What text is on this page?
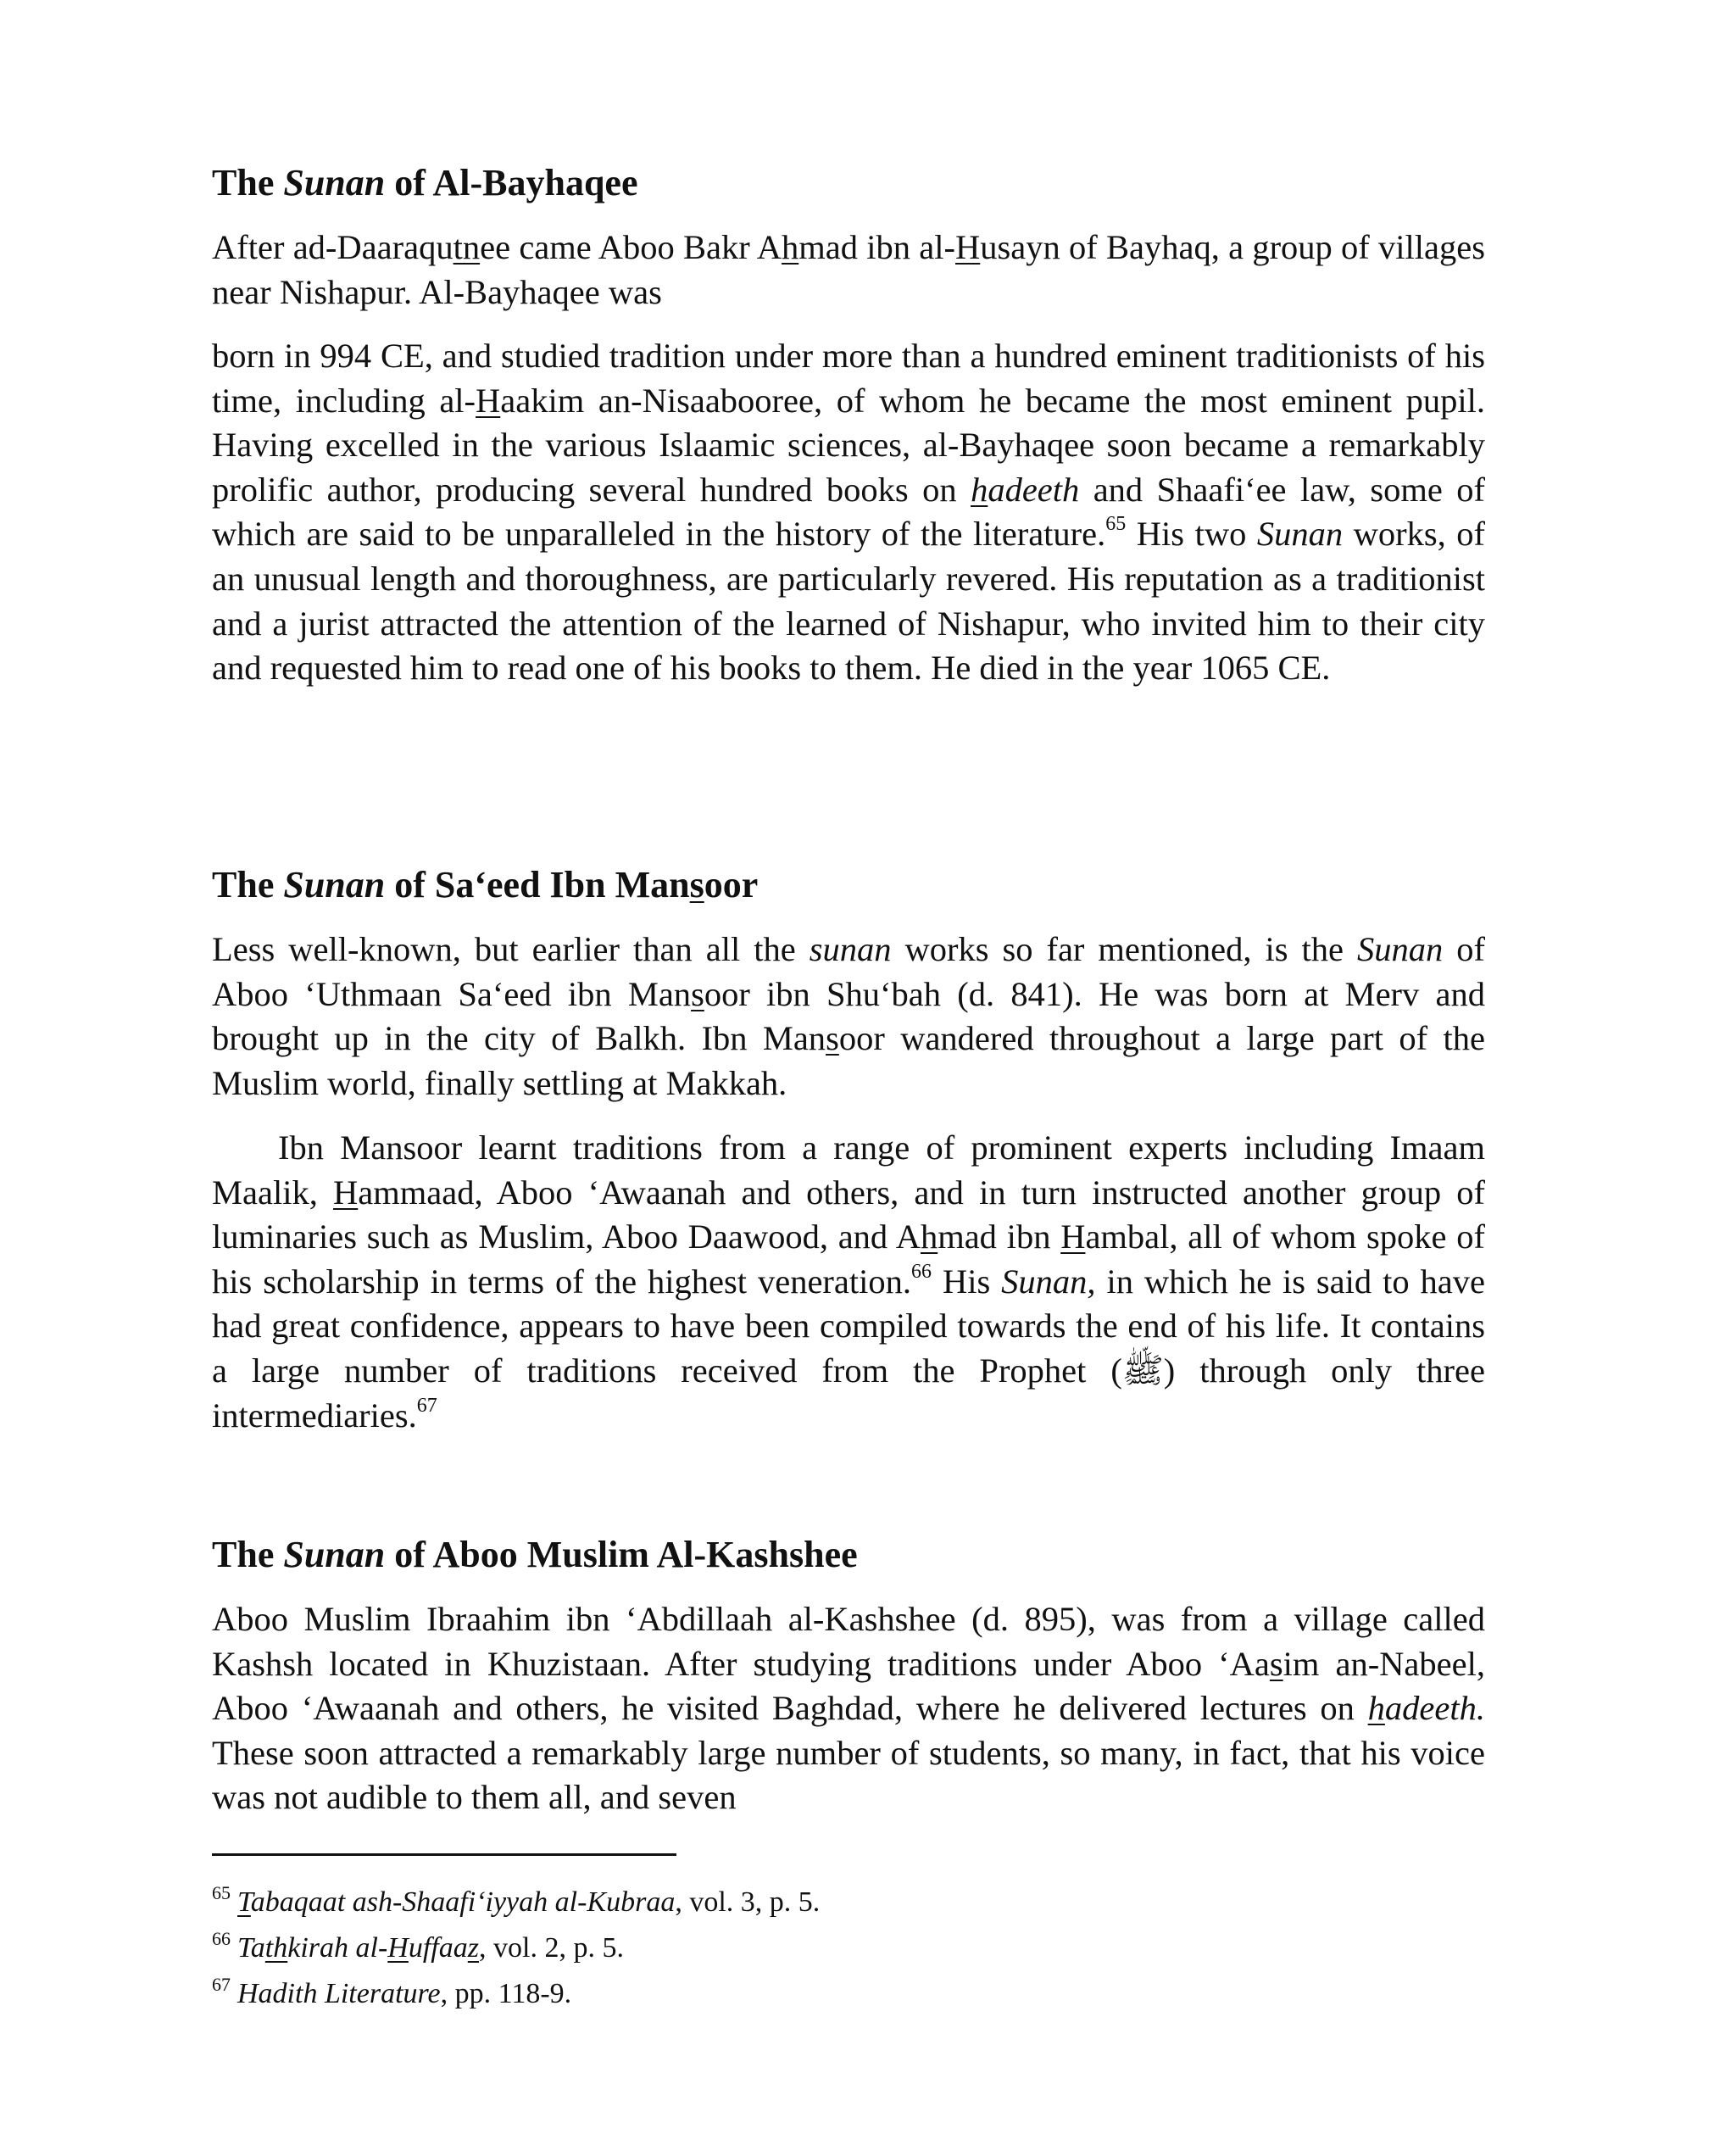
The Sunan of Al-Bayhaqee

After ad-Daaraqutnee came Aboo Bakr Ahmad ibn al-Husayn of Bayhaq, a group of villages near Nishapur. Al-Bayhaqee was

born in 994 CE, and studied tradition under more than a hundred eminent traditionists of his time, including al-Haakim an-Nisaabooree, of whom he became the most eminent pupil. Having excelled in the various Islaamic sciences, al-Bayhaqee soon became a remarkably prolific author, producing several hundred books on hadeeth and Shaafi‘ee law, some of which are said to be unparalleled in the history of the literature.$^{65}$ His two Sunan works, of an unusual length and thoroughness, are particularly revered. His reputation as a traditionist and a jurist attracted the attention of the learned of Nishapur, who invited him to their city and requested him to read one of his books to them. He died in the year 1065 CE.

The Sunan of Sa‘eed Ibn Mansoor

Less well-known, but earlier than all the sunan works so far mentioned, is the Sunan of Aboo ‘Uthmaan Sa‘eed ibn Mansoor ibn Shu‘bah (d. 841). He was born at Merv and brought up in the city of Balkh. Ibn Mansoor wandered throughout a large part of the Muslim world, finally settling at Makkah.

Ibn Mansoor learnt traditions from a range of prominent experts including Imaam Maalik, Hammaad, Aboo ‘Awaanah and others, and in turn instructed another group of luminaries such as Muslim, Aboo Daawood, and Ahmad ibn Hambal, all of whom spoke of his scholarship in terms of the highest veneration.$^{66}$ His Sunan, in which he is said to have had great confidence, appears to have been compiled towards the end of his life. It contains a large number of traditions received from the Prophet (ﷺ) through only three intermediaries.$^{67}$

The Sunan of Aboo Muslim Al-Kashshee

Aboo Muslim Ibraahim ibn ‘Abdillaah al-Kashshee (d. 895), was from a village called Kashsh located in Khuzistaan. After studying traditions under Aboo ‘Aasim an-Nabeel, Aboo ‘Awaanah and others, he visited Baghdad, where he delivered lectures on hadeeth. These soon attracted a remarkably large number of students, so many, in fact, that his voice was not audible to them all, and seven

$^{65}$ Tabaqaat ash-Shaafi‘iyyah al-Kubraa, vol. 3, p. 5.
$^{66}$ Tathkirah al-Huffaaz, vol. 2, p. 5.
$^{67}$ Hadith Literature, pp. 118-9.
